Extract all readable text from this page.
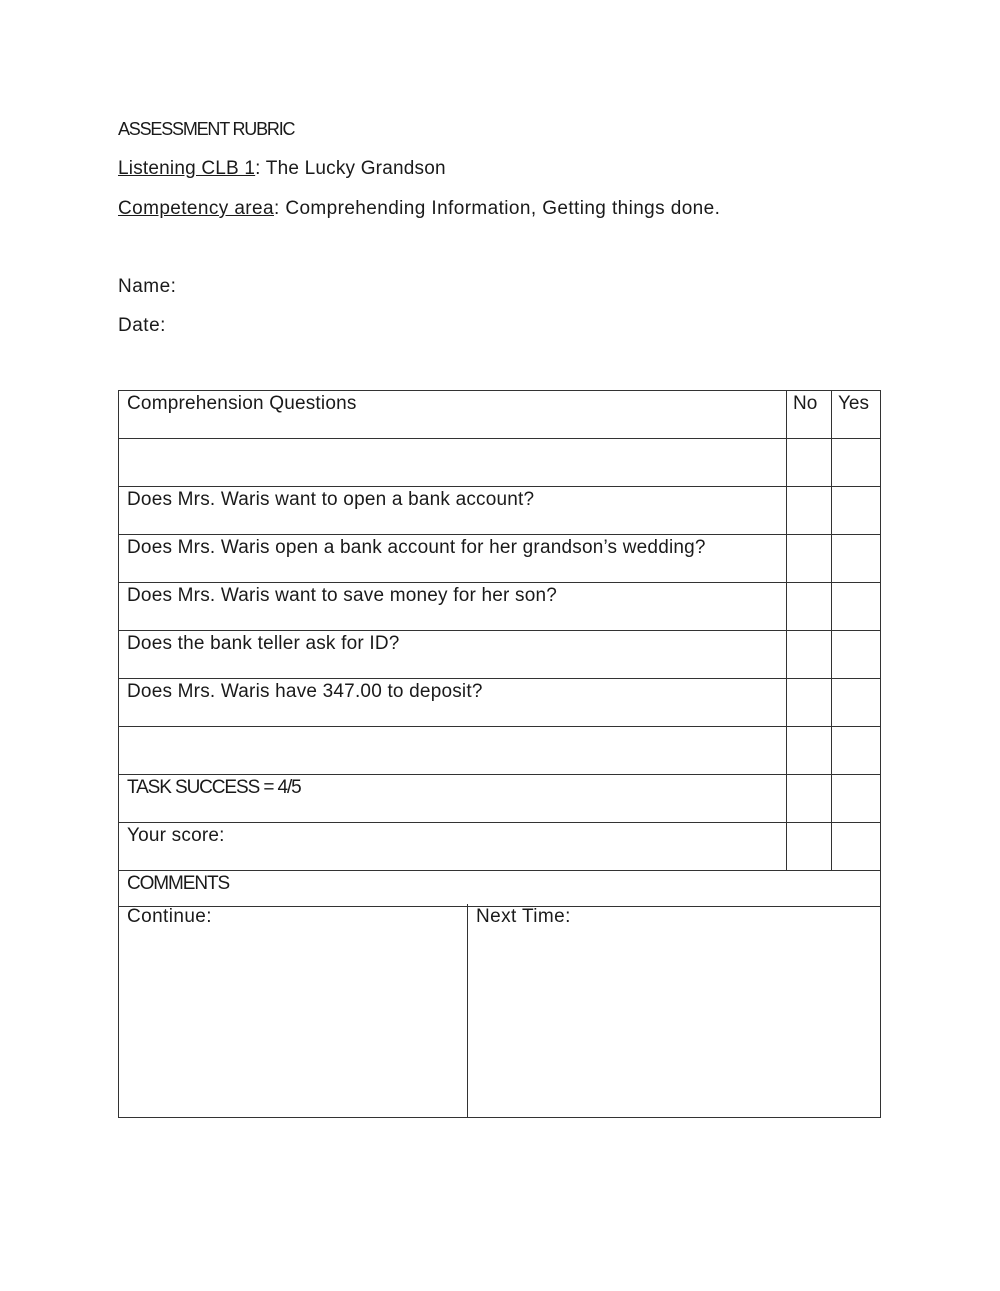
ASSESSMENT RUBRIC
Listening CLB 1: The Lucky Grandson
Competency area: Comprehending Information, Getting things done.
Name:
Date:
Comprehension Questions	No	Yes

Does Mrs. Waris want to open a bank account?		
Does Mrs. Waris open a bank account for her grandson’s wedding?		
Does Mrs. Waris want to save money for her son?		
Does the bank teller ask for ID?		
Does Mrs. Waris have 347.00 to deposit?		

TASK SUCCESS = 4/5		
Your score:		
COMMENTS		
Continue:	Next Time:
